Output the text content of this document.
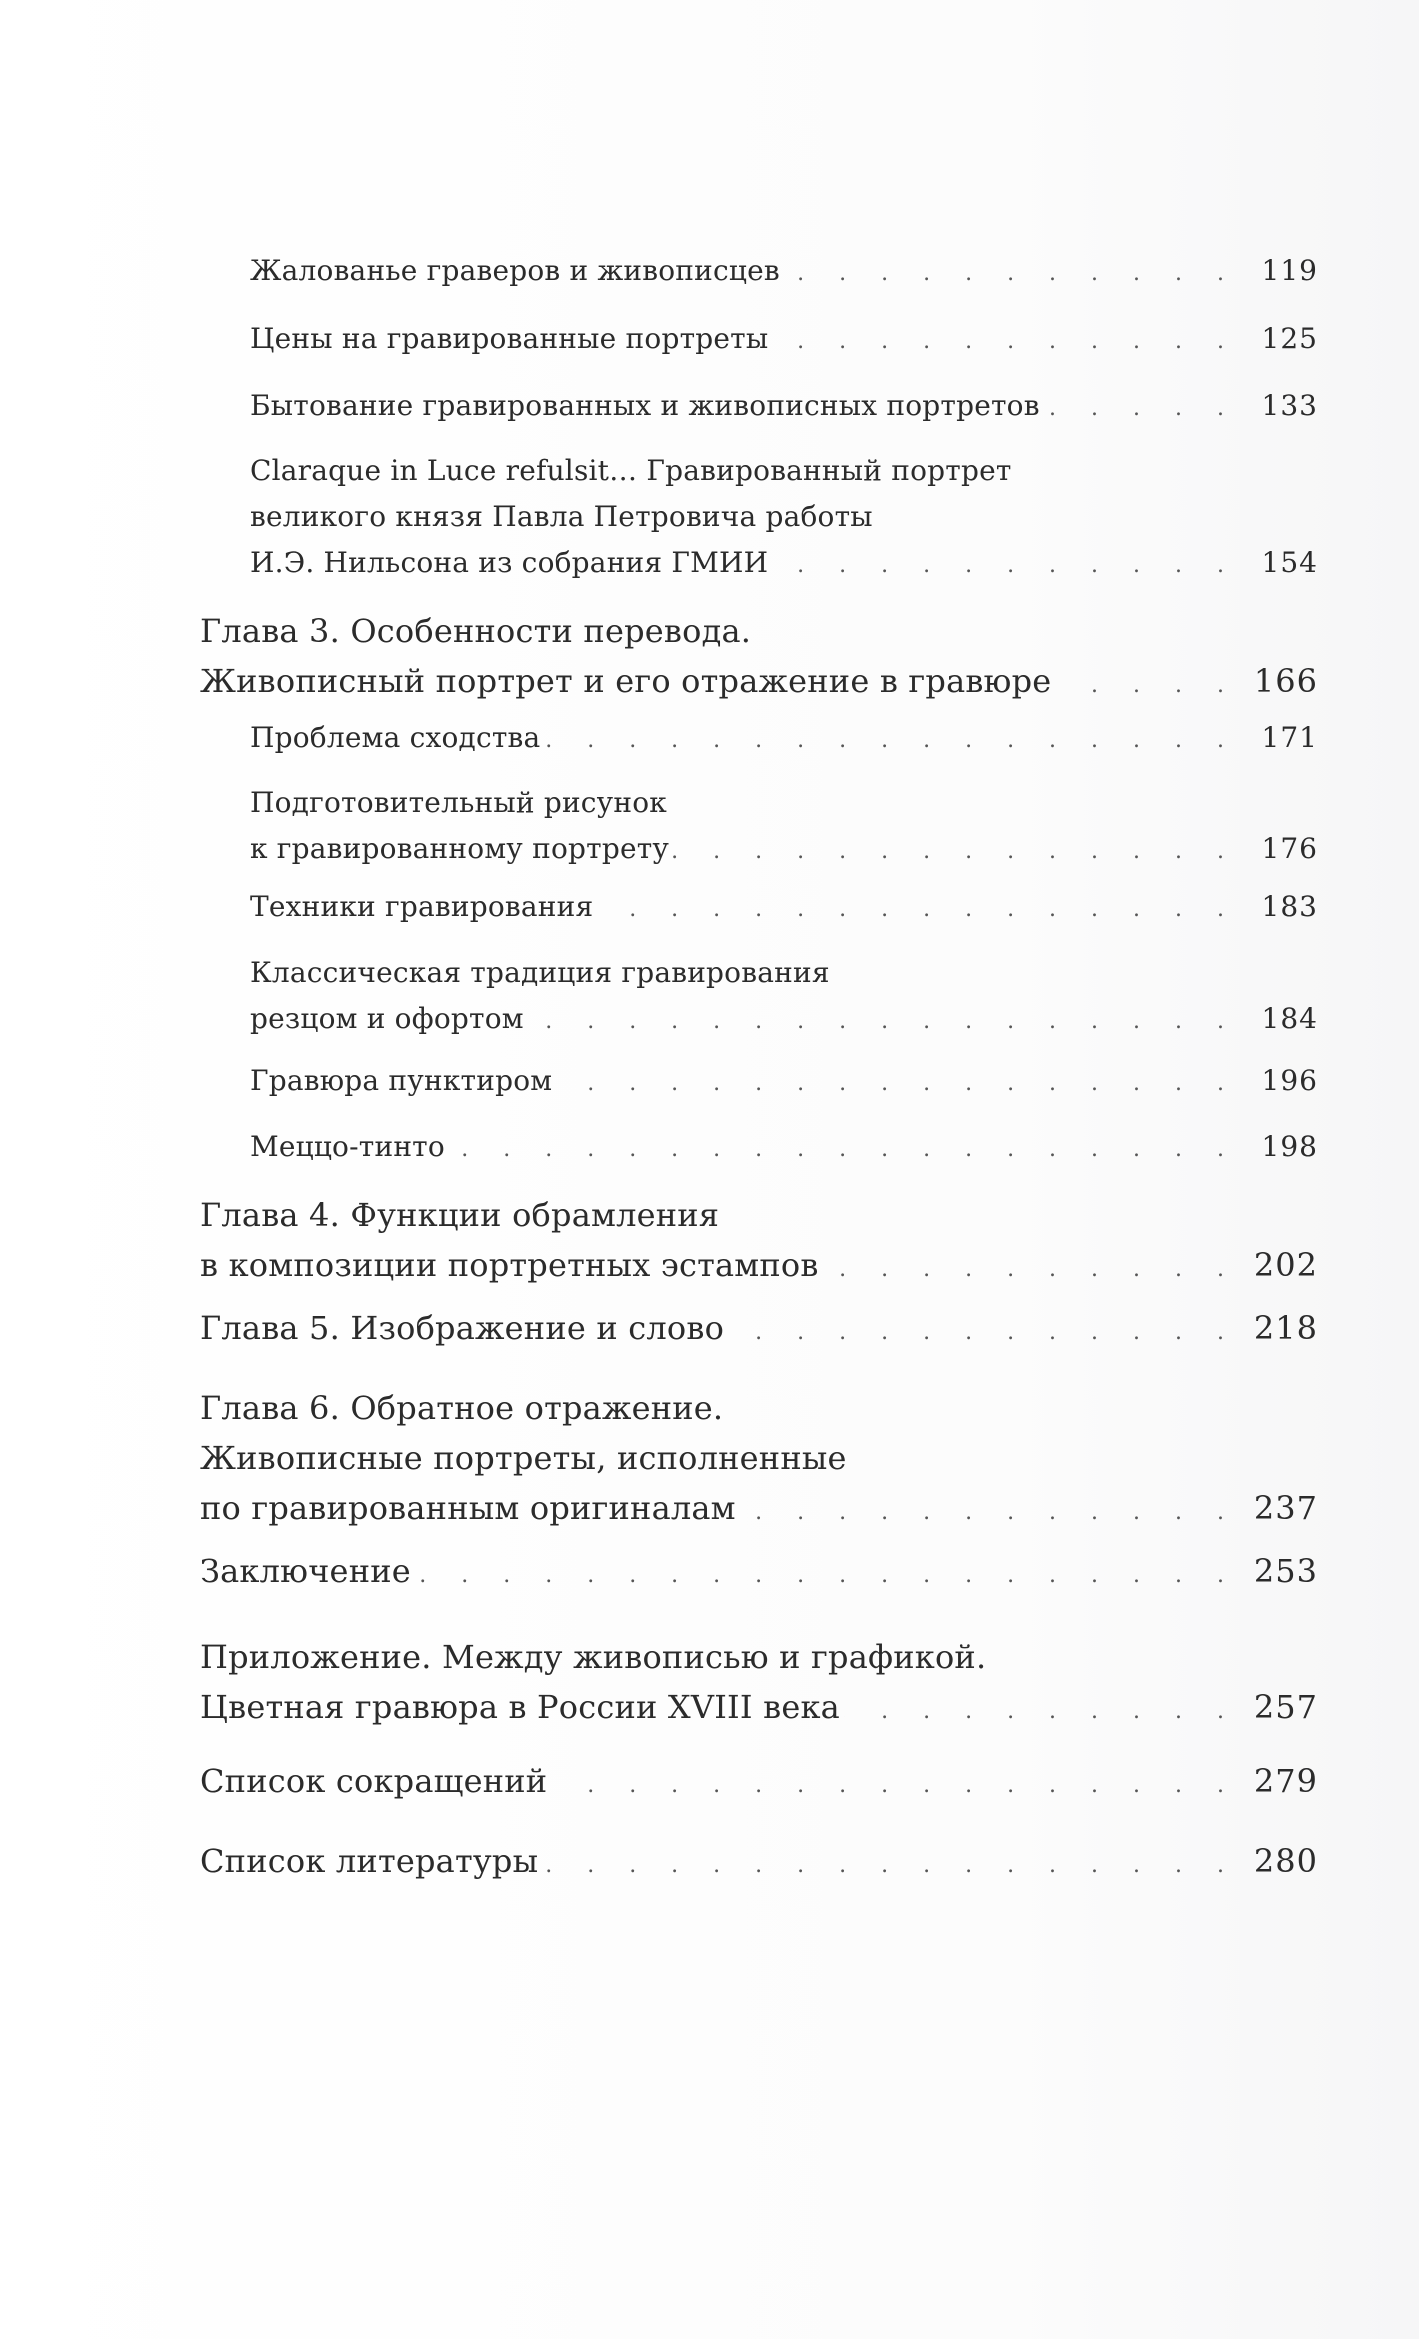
Жалованье граверов и живописцев . . .	119
Цены на гравированные портреты . . .	125
Бытование гравированных и живописных портретов . . .	133
Claraque in Luce refulsit… Гравированный портрет
великого князя Павла Петровича работы
И.Э. Нильсона из собрания ГМИИ . . .	154
Глава 3. Особенности перевода.
Живописный портрет и его отражение в гравюре . . .	166
Проблема сходства . . .	171
Подготовительный рисунок
к гравированному портрету . . .	176
Техники гравирования . . .	183
Классическая традиция гравирования
резцом и офортом . . .	184
Гравюра пунктиром . . .	196
Меццо-тинто . . .	198
Глава 4. Функции обрамления
в композиции портретных эстампов . . .	202
Глава 5. Изображение и слово . . .	218
Глава 6. Обратное отражение.
Живописные портреты, исполненные
по гравированным оригиналам . . .	237
Заключение . . .	253
Приложение. Между живописью и графикой.
Цветная гравюра в России XVIII века . . .	257
Список сокращений . . .	279
Список литературы . . .	280
